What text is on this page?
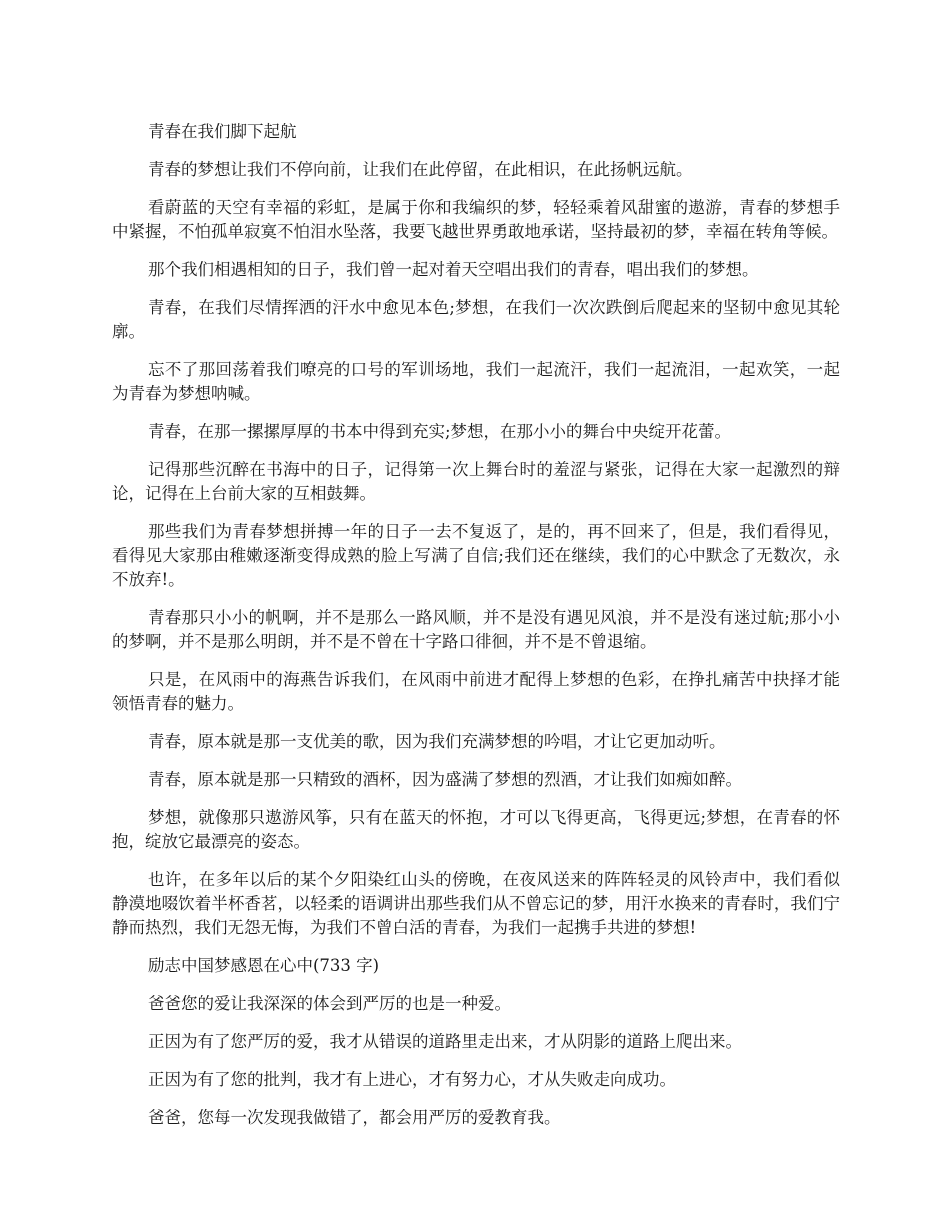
青春在我们脚下起航

青春的梦想让我们不停向前，让我们在此停留，在此相识，在此扬帆远航。

看蔚蓝的天空有幸福的彩虹，是属于你和我编织的梦，轻轻乘着风甜蜜的遨游，青春的梦想手中紧握，不怕孤单寂寞不怕泪水坠落，我要飞越世界勇敢地承诺，坚持最初的梦，幸福在转角等候。

那个我们相遇相知的日子，我们曾一起对着天空唱出我们的青春，唱出我们的梦想。

青春，在我们尽情挥洒的汗水中愈见本色;梦想，在我们一次次跌倒后爬起来的坚韧中愈见其轮廓。

忘不了那回荡着我们嘹亮的口号的军训场地，我们一起流汗，我们一起流泪，一起欢笑，一起为青春为梦想呐喊。

青春，在那一摞摞厚厚的书本中得到充实;梦想，在那小小的舞台中央绽开花蕾。

记得那些沉醉在书海中的日子，记得第一次上舞台时的羞涩与紧张，记得在大家一起激烈的辩论，记得在上台前大家的互相鼓舞。

那些我们为青春梦想拼搏一年的日子一去不复返了，是的，再不回来了，但是，我们看得见，看得见大家那由稚嫩逐渐变得成熟的脸上写满了自信;我们还在继续，我们的心中默念了无数次，永不放弃!。

青春那只小小的帆啊，并不是那么一路风顺，并不是没有遇见风浪，并不是没有迷过航;那小小的梦啊，并不是那么明朗，并不是不曾在十字路口徘徊，并不是不曾退缩。

只是，在风雨中的海燕告诉我们，在风雨中前进才配得上梦想的色彩，在挣扎痛苦中抉择才能领悟青春的魅力。

青春，原本就是那一支优美的歌，因为我们充满梦想的吟唱，才让它更加动听。

青春，原本就是那一只精致的酒杯，因为盛满了梦想的烈酒，才让我们如痴如醉。

梦想，就像那只遨游风筝，只有在蓝天的怀抱，才可以飞得更高，飞得更远;梦想，在青春的怀抱，绽放它最漂亮的姿态。

也许，在多年以后的某个夕阳染红山头的傍晚，在夜风送来的阵阵轻灵的风铃声中，我们看似静漠地啜饮着半杯香茗，以轻柔的语调讲出那些我们从不曾忘记的梦，用汗水换来的青春时，我们宁静而热烈，我们无怨无悔，为我们不曾白活的青春，为我们一起携手共进的梦想!

励志中国梦感恩在心中(733 字)

爸爸您的爱让我深深的体会到严厉的也是一种爱。

正因为有了您严厉的爱，我才从错误的道路里走出来，才从阴影的道路上爬出来。

正因为有了您的批判，我才有上进心，才有努力心，才从失败走向成功。

爸爸，您每一次发现我做错了，都会用严厉的爱教育我。
